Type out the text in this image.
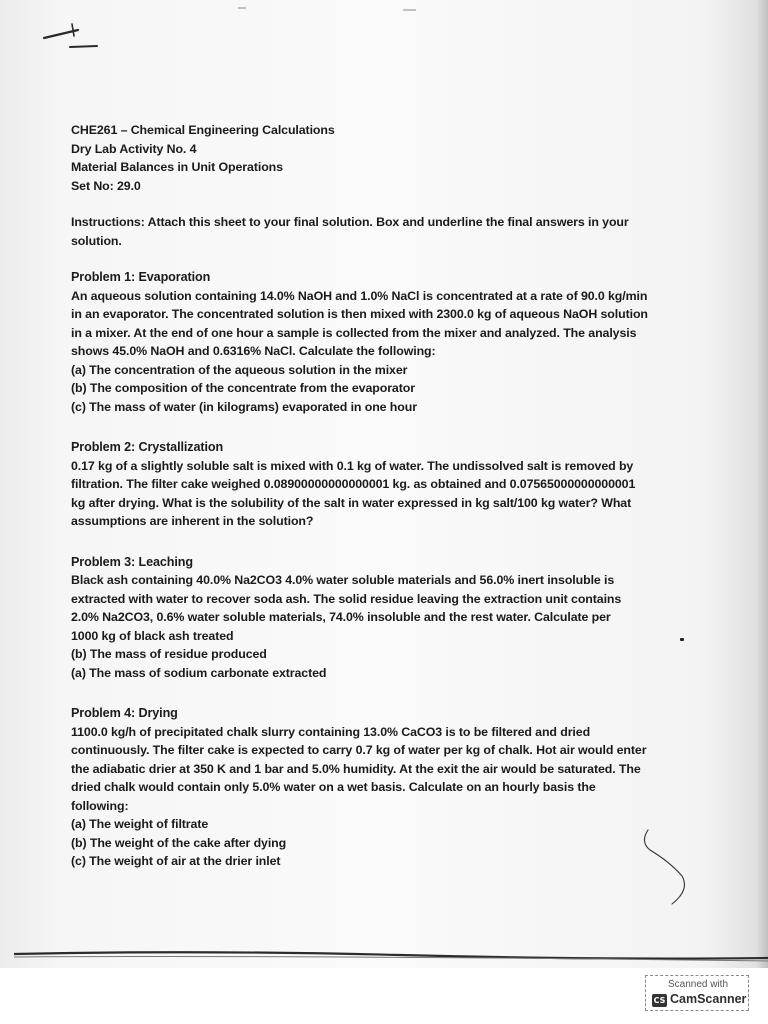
CHE261 – Chemical Engineering Calculations
Dry Lab Activity No. 4
Material Balances in Unit Operations
Set No: 29.0
Instructions: Attach this sheet to your final solution. Box and underline the final answers in your
solution.
Problem 1: Evaporation
An aqueous solution containing 14.0% NaOH and 1.0% NaCl is concentrated at a rate of 90.0 kg/min
in an evaporator. The concentrated solution is then mixed with 2300.0 kg of aqueous NaOH solution
in a mixer. At the end of one hour a sample is collected from the mixer and analyzed. The analysis
shows 45.0% NaOH and 0.6316% NaCl. Calculate the following:
(a) The concentration of the aqueous solution in the mixer
(b) The composition of the concentrate from the evaporator
(c) The mass of water (in kilograms) evaporated in one hour
Problem 2: Crystallization
0.17 kg of a slightly soluble salt is mixed with 0.1 kg of water. The undissolved salt is removed by
filtration. The filter cake weighed 0.08900000000000001 kg. as obtained and 0.07565000000000001
kg after drying. What is the solubility of the salt in water expressed in kg salt/100 kg water? What
assumptions are inherent in the solution?
Problem 3: Leaching
Black ash containing 40.0% Na2CO3 4.0% water soluble materials and 56.0% inert insoluble is
extracted with water to recover soda ash. The solid residue leaving the extraction unit contains
2.0% Na2CO3, 0.6% water soluble materials, 74.0% insoluble and the rest water. Calculate per
1000 kg of black ash treated
(b) The mass of residue produced
(a) The mass of sodium carbonate extracted
Problem 4: Drying
1100.0 kg/h of precipitated chalk slurry containing 13.0% CaCO3 is to be filtered and dried
continuously. The filter cake is expected to carry 0.7 kg of water per kg of chalk. Hot air would enter
the adiabatic drier at 350 K and 1 bar and 5.0% humidity. At the exit the air would be saturated. The
dried chalk would contain only 5.0% water on a wet basis. Calculate on an hourly basis the
following:
(a) The weight of filtrate
(b) The weight of the cake after dying
(c) The weight of air at the drier inlet
Scanned with
CS CamScanner
